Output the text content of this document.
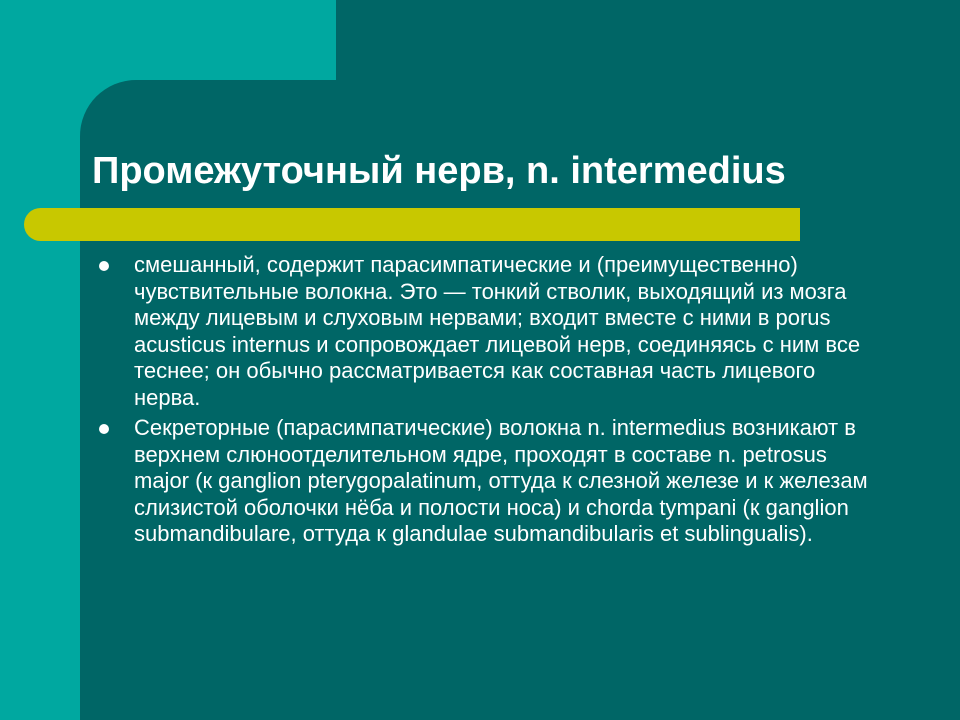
Промежуточный нерв, n. intermedius
смешанный, содержит парасимпатические и (преимущественно) чувствительные волокна. Это — тонкий стволик, выходящий из мозга между лицевым и слуховым нервами; входит вместе с ними в porus acusticus internus и сопровождает лицевой нерв, соединяясь с ним все теснее; он обычно рассматривается как составная часть лицевого нерва.
Секреторные (парасимпатические) волокна n. intermedius возникают в верхнем слюноотделительном ядре, проходят в составе n. petrosus major (к ganglion pterygopalatinum, оттуда к слезной железе и к железам слизистой оболочки нёба и полости носа) и chorda tympani (к ganglion submandibulare, оттуда к glandulae submandibularis et sublingualis).
